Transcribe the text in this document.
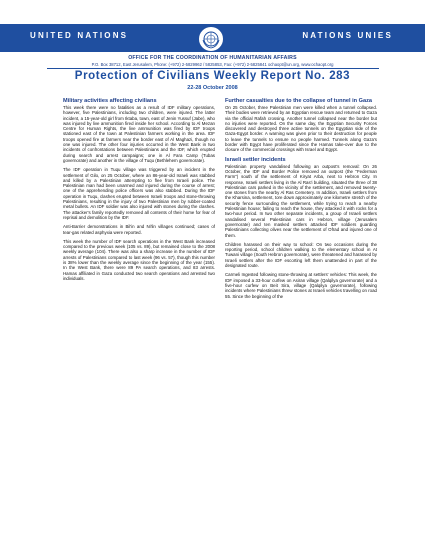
UNITED NATIONS	NATIONS UNIES
OFFICE FOR THE COORDINATION OF HUMANITARIAN AFFAIRS
P.O. Box 38712, East Jerusalem, Phone: (+972) 2-5829962 / 5825853, Fax: (+972) 2-5825841 ochaopt@un.org, www.ochaopt.org
Protection of Civilians Weekly Report No. 283
22-28 October 2008
Military activities affecting civilians
This week there were no fatalities as a result of IDF military operations, however, five Palestinians, including two children, were injured. The latter incident, a 15-year-old girl from Iktaba, town, east of Jenin Yussuf (Jabe), who was injured by live ammunition fired inside her school. According to Al Mezan Centre for Human Rights, the live ammunition was fired by IDF troops stationed east of the town at Palestinian farmers working in the area. IDF troops opened fire at farmers near the border east of Al Maghazi, though no one was injured. The other four injuries occurred in the West Bank in two incidents of confrontations between Palestinians and the IDF, which erupted during search and arrest campaigns; one in Al Fara Camp (Tubas governorate) and another in the village of Tuqu (Bethlehem governorate).
The IDF operation in Tuqu village was triggered by an incident in the settlement of Gilo, on 25 October, where an 86-year-old Israeli was stabbed and killed by a Palestinian attempting to flee from Israeli police. The Palestinian man had been unarmed and injured during the course of arrest; one of the apprehending police officers was also stabbed. During the IDF operation in Tuqu, clashes erupted between Israeli troops and stone-throwing Palestinians, resulting in the injury of two Palestinian men by rubber-coated metal bullets. An IDF soldier was also injured with stones during the clashes. The attacker's family reportedly removed all contents of their home for fear of reprisal and demolition by the IDF.
Anti-Barrier demonstrations in Bil'in and Ni'lin villages continued; cases of tear-gas related asphyxia were reported.
This week the number of IDF search operations in the West Bank increased compared to the previous week (105 vs. 89), but remained close to the 2008 weekly average (104). There was also a sharp increase in the number of IDF arrests of Palestinians compared to last week (96 vs. 57), though this number is 38% lower than the weekly average since the beginning of the year (155). In the West Bank, there were 89 PA search operations, and 83 arrests. Hamas affiliated in Gaza conducted two search operations and arrested two individuals.
Further casualties due to the collapse of tunnel in Gaza
On 25 October, three Palestinian men were killed when a tunnel collapsed. Their bodies were retrieved by an Egyptian rescue team and returned to Gaza via the official Rafah crossing. Another tunnel collapsed near the border but no injuries were reported. On the same day, the Egyptian Security Forces discovered and destroyed three active tunnels on the Egyptian side of the Gaza-Egypt border. A warning was given prior to their destruction for people to leave the tunnels to ensure no people harmed. Tunnels along Gaza's border with Egypt have proliferated since the Hamas take-over due to the closure of the commercial crossings with Israel and Egypt.
Israeli settler incidents
Palestinian property vandalised following an outpost's removal: On 26 October, the IDF and Border Police removed an outpost (the "Federman Farm") south of the settlement of Kiryat Arba, next to Hebron City. In response, Israeli settlers living in the Al Ras'i building, situated the three of 38 Palestinian cars parked in the vicinity of the settlement, and removed twenty-one stones from the nearby Al Ras Cemetery. In addition, Israeli settlers from the Kharsina, settlement, tore down approximately one kilometre stretch of the security fence surrounding the settlement, while trying to reach a nearby Palestinian house; failing to reach the house, they attacked it with rocks for a two-hour period. In two other separate incidents, a group of Israeli settlers vandalised several Palestinian cars in Hebron, village (Jerusalem governorate) and ten masked settlers attacked IDF soldiers guarding Palestinians collecting olives near the settlement of Ofrad and injured one of them.
Children harassed on their way to school: On two occasions during the reporting period, school children walking to the elementary school in At Tuwani village (South Hebron governorate), were threatened and harassed by Israeli settlers after the IDF escorting left them unattended in part of the designated route.
Carmeli Ingested following stone-throwing at settlers' vehicles: This week, the IDF imposed a 33-hour curfew on Asiran village (Qalqilya governorate) and a five-hour curfew on Beit Sira, village (Qalqilya governorate), following incidents where Palestinians threw stones at Israeli vehicles travelling on road 55. Since the beginning of the
